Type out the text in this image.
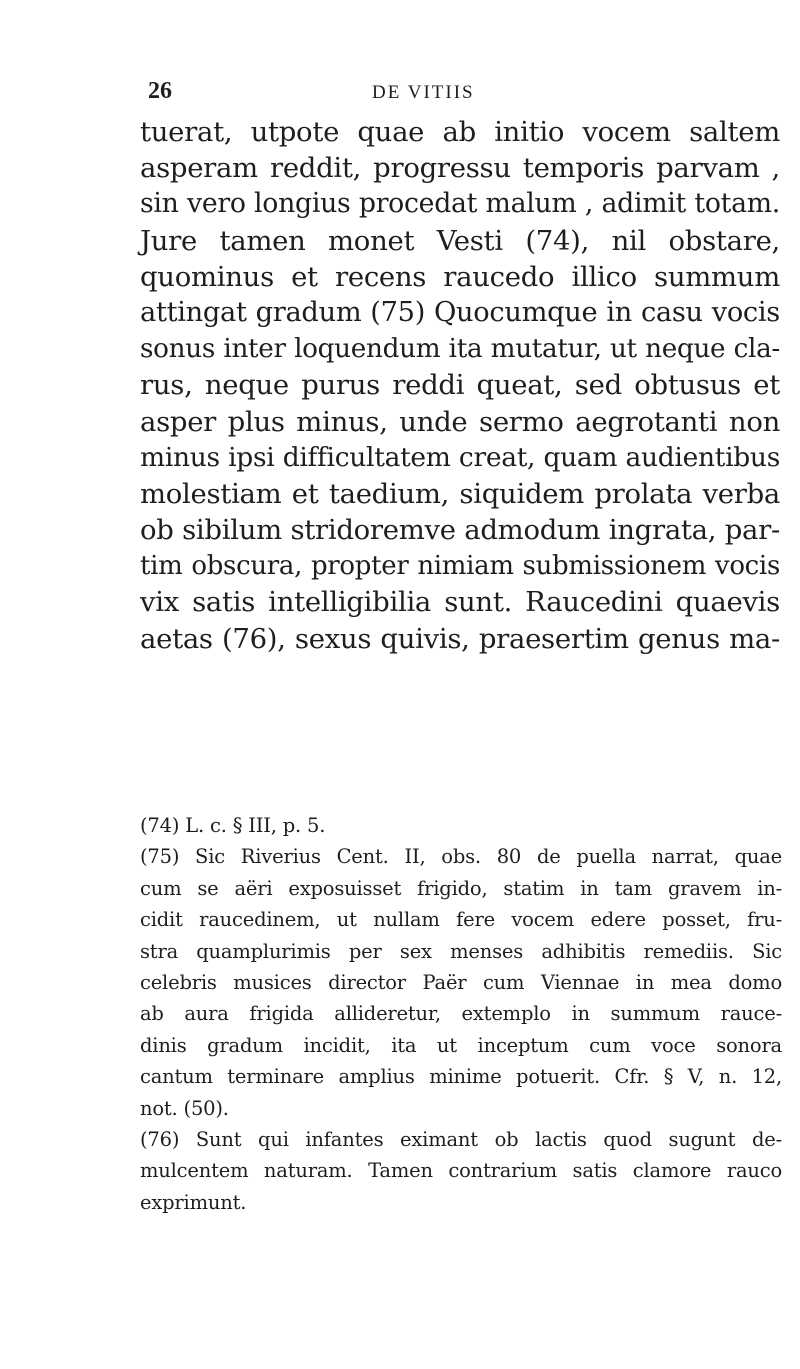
26	DE VITIIS
tuerat, utpote quae ab initio vocem saltem
asperam reddit, progressu temporis parvam ,
sin vero longius procedat malum , adimit totam.
Jure tamen monet Vesti (74), nil obstare,
quominus et recens raucedo illico summum
attingat gradum (75) Quocumque in casu vocis
sonus inter loquendum ita mutatur, ut neque cla-
rus, neque purus reddi queat, sed obtusus et
asper plus minus, unde sermo aegrotanti non
minus ipsi difficultatem creat, quam audientibus
molestiam et taedium, siquidem prolata verba
ob sibilum stridoremve admodum ingrata, par-
tim obscura, propter nimiam submissionem vocis
vix satis intelligibilia sunt. Raucedini quaevis
aetas (76), sexus quivis, praesertim genus ma-
(74) L. c. § III, p. 5.
(75) Sic Riverius Cent. II, obs. 80 de puella narrat, quae
cum se aëri exposuisset frigido, statim in tam gravem in-
cidit raucedinem, ut nullam fere vocem edere posset, fru-
stra quamplurimis per sex menses adhibitis remediis. Sic
celebris musices director Paër cum Viennae in mea domo
ab aura frigida allideretur, extemplo in summum rauce-
dinis gradum incidit, ita ut inceptum cum voce sonora
cantum terminare amplius minime potuerit. Cfr. § V, n. 12,
not. (50).
(76) Sunt qui infantes eximant ob lactis quod sugunt de-
mulcentem naturam. Tamen contrarium satis clamore rauco
exprimunt.
